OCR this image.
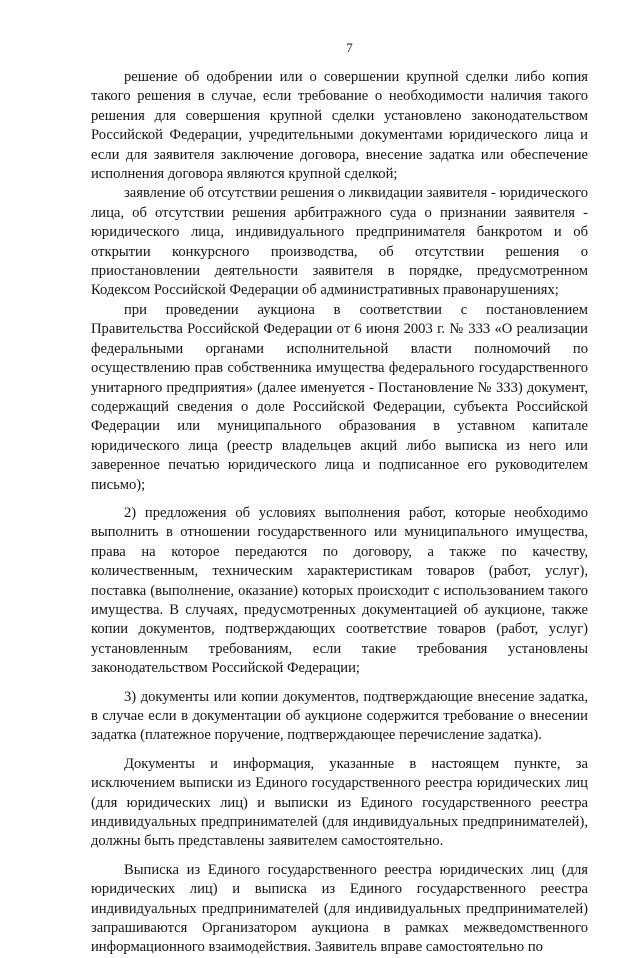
7

решение об одобрении или о совершении крупной сделки либо копия такого решения в случае, если требование о необходимости наличия такого решения для совершения крупной сделки установлено законодательством Российской Федерации, учредительными документами юридического лица и если для заявителя заключение договора, внесение задатка или обеспечение исполнения договора являются крупной сделкой;

заявление об отсутствии решения о ликвидации заявителя - юридического лица, об отсутствии решения арбитражного суда о признании заявителя - юридического лица, индивидуального предпринимателя банкротом и об открытии конкурсного производства, об отсутствии решения о приостановлении деятельности заявителя в порядке, предусмотренном Кодексом Российской Федерации об административных правонарушениях;

при проведении аукциона в соответствии с постановлением Правительства Российской Федерации от 6 июня 2003 г. № 333 «О реализации федеральными органами исполнительной власти полномочий по осуществлению прав собственника имущества федерального государственного унитарного предприятия» (далее именуется - Постановление № 333) документ, содержащий сведения о доле Российской Федерации, субъекта Российской Федерации или муниципального образования в уставном капитале юридического лица (реестр владельцев акций либо выписка из него или заверенное печатью юридического лица и подписанное его руководителем письмо);

2) предложения об условиях выполнения работ, которые необходимо выполнить в отношении государственного или муниципального имущества, права на которое передаются по договору, а также по качеству, количественным, техническим характеристикам товаров (работ, услуг), поставка (выполнение, оказание) которых происходит с использованием такого имущества. В случаях, предусмотренных документацией об аукционе, также копии документов, подтверждающих соответствие товаров (работ, услуг) установленным требованиям, если такие требования установлены законодательством Российской Федерации;

3) документы или копии документов, подтверждающие внесение задатка, в случае если в документации об аукционе содержится требование о внесении задатка (платежное поручение, подтверждающее перечисление задатка).

Документы и информация, указанные в настоящем пункте, за исключением выписки из Единого государственного реестра юридических лиц (для юридических лиц) и выписки из Единого государственного реестра индивидуальных предпринимателей (для индивидуальных предпринимателей), должны быть представлены заявителем самостоятельно.

Выписка из Единого государственного реестра юридических лиц (для юридических лиц) и выписка из Единого государственного реестра индивидуальных предпринимателей (для индивидуальных предпринимателей) запрашиваются Организатором аукциона в рамках межведомственного информационного взаимодействия. Заявитель вправе самостоятельно по
